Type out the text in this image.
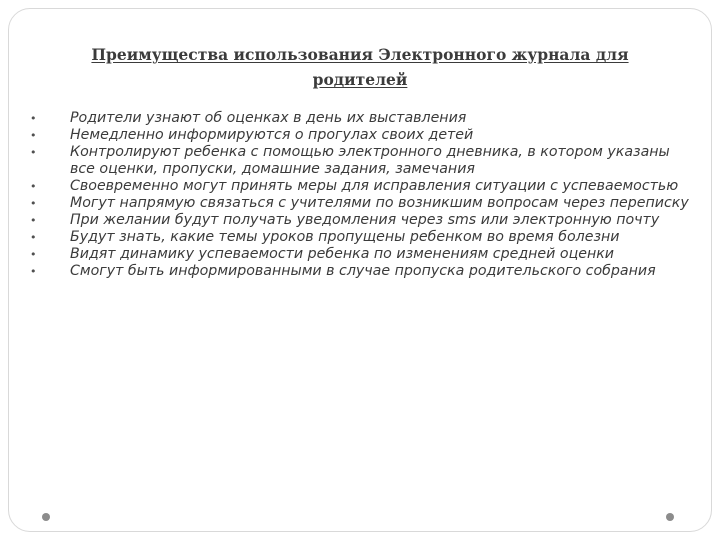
Преимущества использования Электронного журнала для родителей
• Родители узнают об оценках в день их выставления
• Немедленно информируются о прогулах своих детей
• Контролируют ребенка с помощью электронного дневника, в котором указаны все оценки, пропуски, домашние задания, замечания
• Своевременно могут принять меры для исправления ситуации с успеваемостью
• Могут напрямую связаться с учителями по возникшим вопросам через переписку
• При желании будут получать уведомления через sms или электронную почту
• Будут знать, какие темы уроков пропущены ребенком во время болезни
• Видят динамику успеваемости ребенка по изменениям средней оценки
• Смогут быть информированными в случае пропуска родительского собрания
